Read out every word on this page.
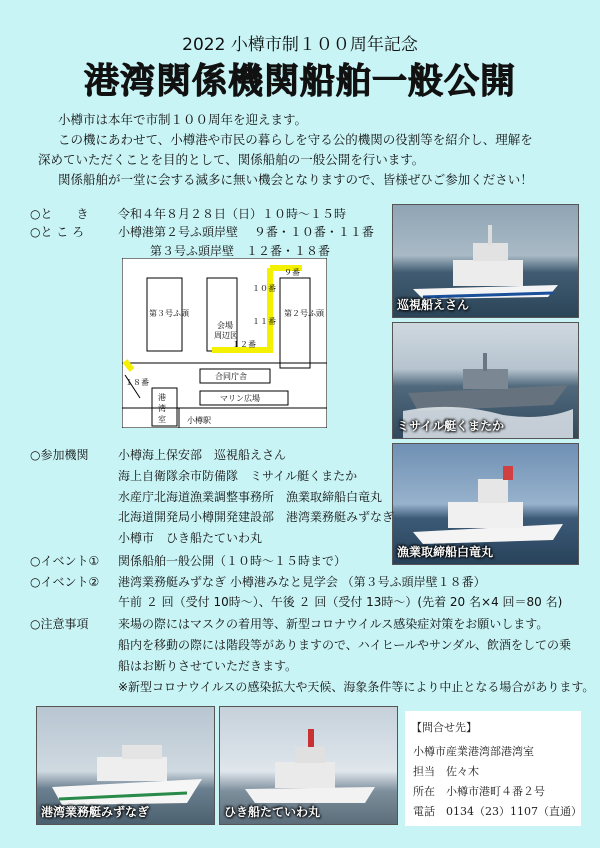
2022 小樽市制１００周年記念
港湾関係機関船舶一般公開
小樽市は本年で市制１００周年を迎えます。
この機にあわせて、小樽港や市民の暮らしを守る公的機関の役割等を紹介し、理解を
深めていただくことを目的として、関係船舶の一般公開を行います。
関係船舶が一堂に会する滅多に無い機会となりますので、皆様ぜひご参加ください！
○と　　き 令和４年８月２８日（日）１０時～１５時
○と こ ろ	小樽港第２号ふ頭岸壁　 ９番・１０番・１１番
第３号ふ頭岸壁　１２番・１８番
９番
１０番
１１番
１２番
１８番
第３号ふ頭	第２号ふ頭
会場
周辺図
合同庁舎
港
湾
室
マリン広場
小樽駅
巡視船えさん
ミサイル艇くまたか
漁業取締船白竜丸
○参加機関 小樽海上保安部　巡視船えさん
海上自衛隊余市防備隊　ミサイル艇くまたか
水産庁北海道漁業調整事務所　漁業取締船白竜丸
北海道開発局小樽開発建設部　港湾業務艇みずなぎ
小樽市　ひき船たていわ丸
○イベント① 関係船舶一般公開（１０時～１５時まで）
○イベント② 港湾業務艇みずなぎ 小樽港みなと見学会 （第３号ふ頭岸壁１８番）
午前 ２ 回（受付 10時～）、午後 ２ 回（受付 13時～）(先着 20 名×4 回＝80 名)
○注意事項 来場の際にはマスクの着用等、新型コロナウイルス感染症対策をお願いします。
船内を移動の際には階段等がありますので、ハイヒールやサンダル、飲酒をしての乗
船はお断りさせていただきます。
※新型コロナウイルスの感染拡大や天候、海象条件等により中止となる場合があります。
港湾業務艇みずなぎ	ひき船たていわ丸
【問合せ先】
小樽市産業港湾部港湾室
担当　佐々木
所在　小樽市港町４番２号
電話　0134（23）1107（直通）
